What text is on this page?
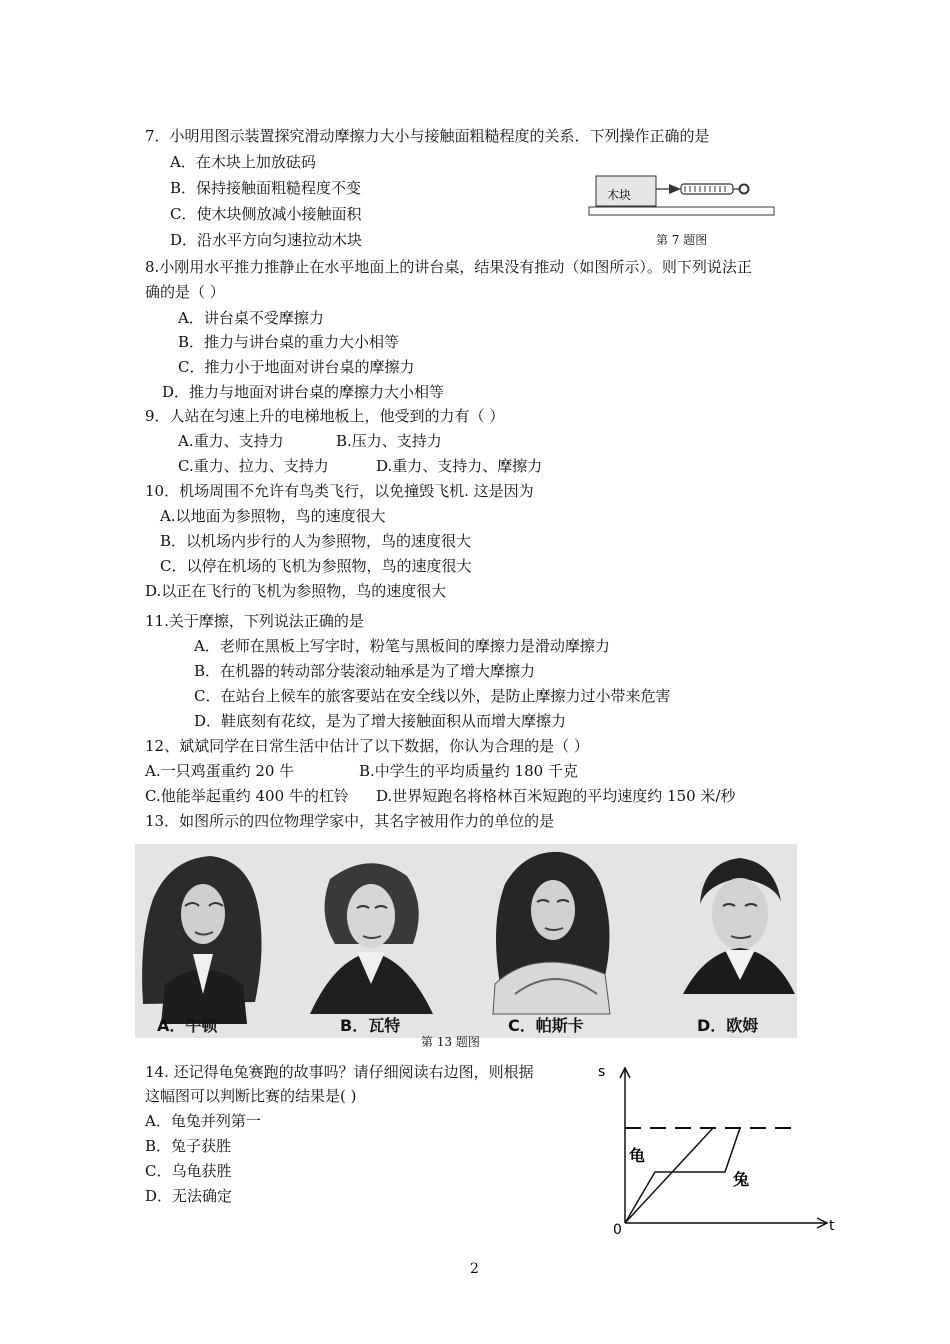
7．小明用图示装置探究滑动摩擦力大小与接触面粗糙程度的关系．下列操作正确的是
A．在木块上加放砝码
B．保持接触面粗糙程度不变
C．使木块侧放减小接触面积
D．沿水平方向匀速拉动木块
木块
第 7 题图
8.小刚用水平推力推静止在水平地面上的讲台桌，结果没有推动（如图所示）。则下列说法正
确的是（ ）
A．讲台桌不受摩擦力
B．推力与讲台桌的重力大小相等
C．推力小于地面对讲台桌的摩擦力
D．推力与地面对讲台桌的摩擦力大小相等
9．人站在匀速上升的电梯地板上，他受到的力有（ ）
A.重力、支持力	B.压力、支持力
C.重力、拉力、支持力	D.重力、支持力、摩擦力
10．机场周围不允许有鸟类飞行，以免撞毁飞机. 这是因为
A.以地面为参照物，鸟的速度很大
B．以机场内步行的人为参照物，鸟的速度很大
C．以停在机场的飞机为参照物，鸟的速度很大
D.以正在飞行的飞机为参照物，鸟的速度很大
11.关于摩擦，下列说法正确的是
A．老师在黑板上写字时，粉笔与黑板间的摩擦力是滑动摩擦力
B．在机器的转动部分装滚动轴承是为了增大摩擦力
C．在站台上候车的旅客要站在安全线以外，是防止摩擦力过小带来危害
D．鞋底刻有花纹，是为了增大接触面积从而增大摩擦力
12、斌斌同学在日常生活中估计了以下数据，你认为合理的是（ ）
A.一只鸡蛋重约 20 牛	B.中学生的平均质量约 180 千克
C.他能举起重约 400 牛的杠铃 D.世界短跑名将格林百米短跑的平均速度约 150 米/秒
13．如图所示的四位物理学家中，其名字被用作力的单位的是
A．牛顿	B．瓦特	C．帕斯卡	D．欧姆
第 13 题图
14. 还记得龟兔赛跑的故事吗？请仔细阅读右边图，则根据
这幅图可以判断比赛的结果是( )
A．龟兔并列第一
B．兔子获胜
C．乌龟获胜
D．无法确定
s
t
0
龟
兔
2
